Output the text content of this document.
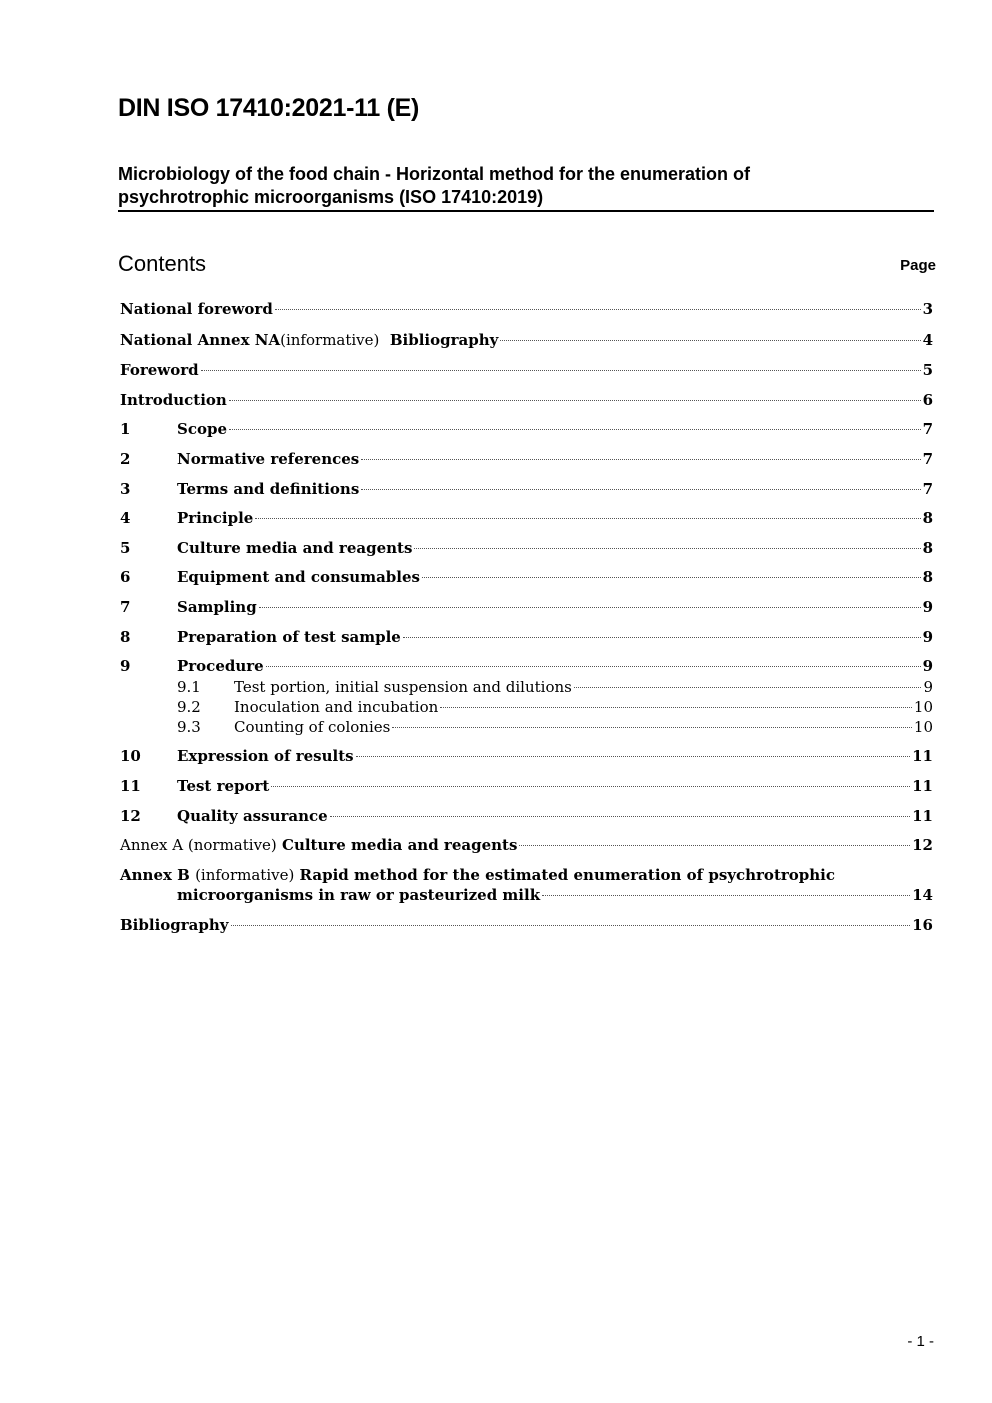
DIN ISO 17410:2021-11 (E)
Microbiology of the food chain - Horizontal method for the enumeration of
psychrotrophic microorganisms (ISO 17410:2019)
Contents	Page
National foreword	3
National Annex NA (informative) Bibliography	4
Foreword	5
Introduction	6
1	Scope	7
2	Normative references	7
3	Terms and definitions	7
4	Principle	8
5	Culture media and reagents	8
6	Equipment and consumables	8
7	Sampling	9
8	Preparation of test sample	9
9	Procedure	9
9.1	Test portion, initial suspension and dilutions	9
9.2	Inoculation and incubation	10
9.3	Counting of colonies	10
10	Expression of results	11
11	Test report	11
12	Quality assurance	11
Annex A (normative) Culture media and reagents	12
Annex B (informative) Rapid method for the estimated enumeration of psychrotrophic
microorganisms in raw or pasteurized milk	14
Bibliography	16
- 1 -
